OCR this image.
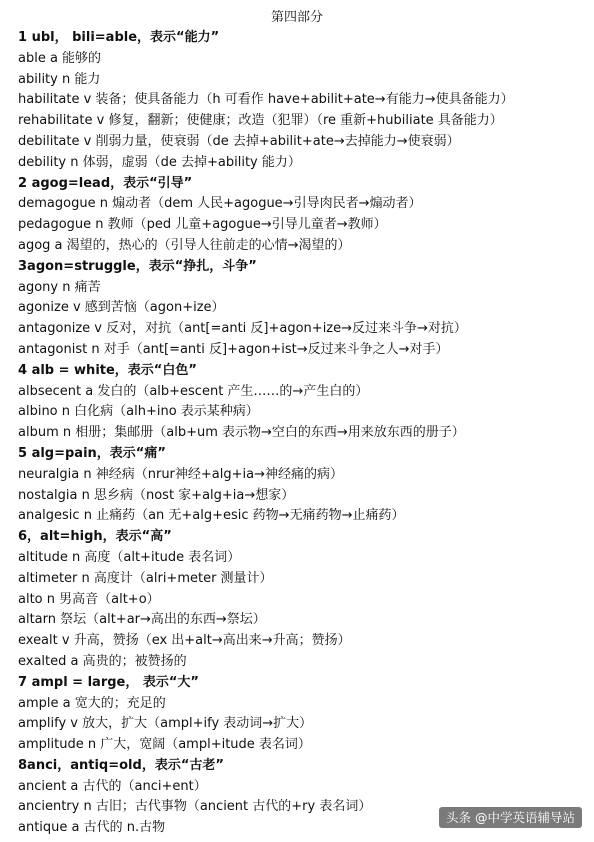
第四部分
1 ubl， bili=able，表示“能力”
able a 能够的
ability n 能力
habilitate v 装备；使具备能力（h 可看作 have+abilit+ate→有能力→使具备能力）
rehabilitate v 修复，翻新；使健康；改造（犯罪）（re 重新+hubiliate 具备能力）
debilitate v 削弱力量，使衰弱（de 去掉+abilit+ate→去掉能力→使衰弱）
debility n 体弱，虚弱（de 去掉+ability 能力）
2 agog=lead，表示“引导”
demagogue n 煽动者（dem 人民+agogue→引导肉民者→煽动者）
pedagogue n 教师（ped 儿童+agogue→引导儿童者→教师）
agog a 渴望的，热心的（引导人往前走的心情→渴望的）
3agon=struggle，表示“挣扎，斗争”
agony n 痛苦
agonize v 感到苦恼（agon+ize）
antagonize v 反对，对抗（ant[=anti 反]+agon+ize→反过来斗争→对抗）
antagonist n 对手（ant[=anti 反]+agon+ist→反过来斗争之人→对手）
4 alb = white，表示“白色”
albsecent a 发白的（alb+escent 产生……的→产生白的）
albino n 白化病（alh+ino 表示某种病）
album n 相册；集邮册（alb+um 表示物→空白的东西→用来放东西的册子）
5 alg=pain，表示“痛”
neuralgia n 神经病（nrur神经+alg+ia→神经痛的病）
nostalgia n 思乡病（nost 家+alg+ia→想家）
analgesic n 止痛药（an 无+alg+esic 药物→无痛药物→止痛药）
6，alt=high，表示“高”
altitude n 高度（alt+itude 表名词）
altimeter n 高度计（alri+meter 测量计）
alto n 男高音（alt+o）
altarn 祭坛（alt+ar→高出的东西→祭坛）
exealt v 升高，赞扬（ex 出+alt→高出来→升高；赞扬）
exalted a 高贵的；被赞扬的
7 ampl = large， 表示“大”
ample a 宽大的；充足的
amplify v 放大，扩大（ampl+ify 表动词→扩大）
amplitude n 广大，宽阔（ampl+itude 表名词）
8anci，antiq=old，表示“古老”
ancient a 古代的（anci+ent）
ancientry n 古旧；古代事物（ancient 古代的+ry 表名词）
antique a 古代的 n.古物
头条 @中学英语辅导站
